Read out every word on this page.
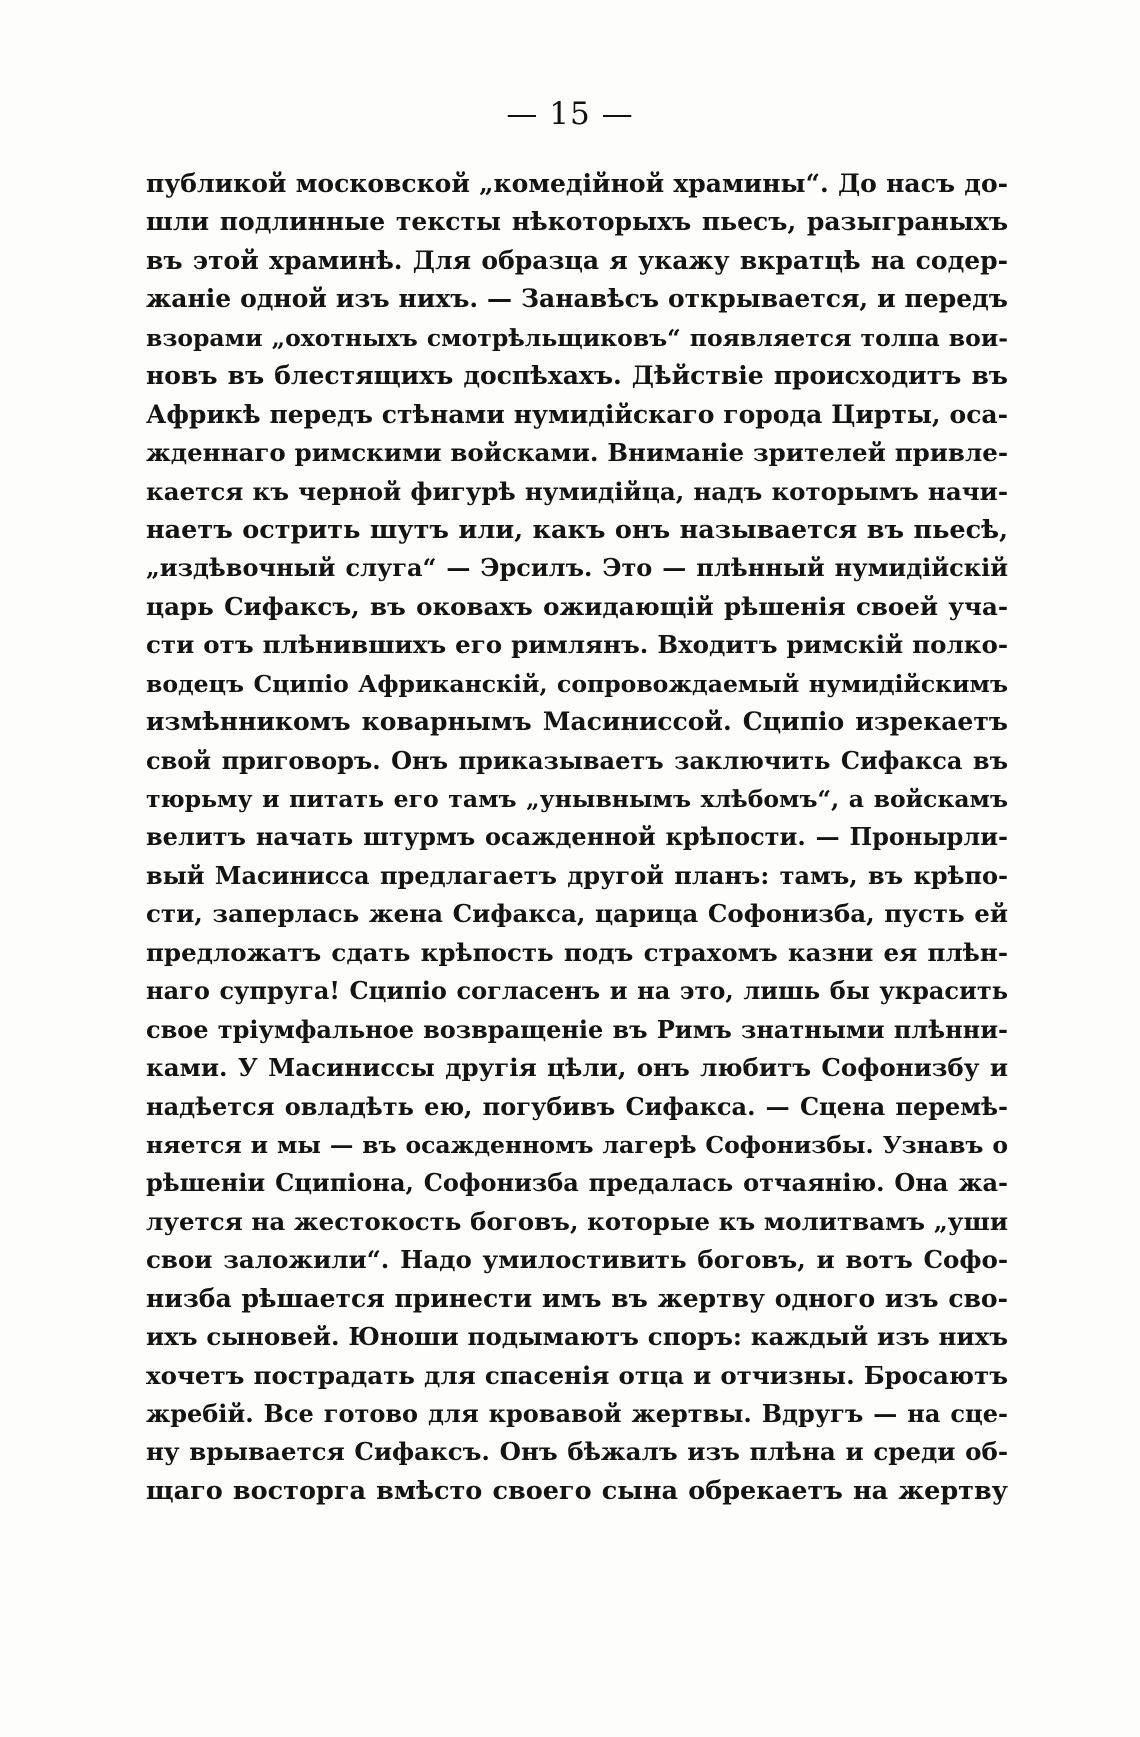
— 15 —
публикой московской „комедiйной храмины“. До насъ до-
шли подлинные тексты нѣкоторыхъ пьесъ, разыграныхъ
въ этой храминѣ. Для образца я укажу вкратцѣ на содер-
жанiе одной изъ нихъ. — Занавѣсъ открывается, и передъ
взорами „охотныхъ смотрѣльщиковъ“ появляется толпа вои-
новъ въ блестящихъ доспѣхахъ. Дѣйствiе происходитъ въ
Африкѣ передъ стѣнами нумидiйскаго города Цирты, оса-
жденнаго римскими войсками. Вниманiе зрителей привле-
кается къ черной фигурѣ нумидiйца, надъ которымъ начи-
наетъ острить шутъ или, какъ онъ называется въ пьесѣ,
„издѣвочный слуга“ — Эрсилъ. Это — плѣнный нумидiйскiй
царь Сифаксъ, въ оковахъ ожидающiй рѣшенiя своей уча-
сти отъ плѣнившихъ его римлянъ. Входитъ римскiй полко-
водецъ Сципiо Африканскiй, сопровождаемый нумидiйскимъ
измѣнникомъ коварнымъ Масиниссой. Сципiо изрекаетъ
свой приговоръ. Онъ приказываетъ заключить Сифакса въ
тюрьму и питать его тамъ „унывнымъ хлѣбомъ“, а войскамъ
велитъ начать штурмъ осажденной крѣпости. — Пронырли-
вый Масинисса предлагаетъ другой планъ: тамъ, въ крѣпо-
сти, заперлась жена Сифакса, царица Софонизба, пусть ей
предложатъ сдать крѣпость подъ страхомъ казни ея плѣн-
наго супруга! Сципiо согласенъ и на это, лишь бы украсить
свое трiумфальное возвращенiе въ Римъ знатными плѣнни-
ками. У Масиниссы другiя цѣли, онъ любитъ Софонизбу и
надѣется овладѣть ею, погубивъ Сифакса. — Сцена перемѣ-
няется и мы — въ осажденномъ лагерѣ Софонизбы. Узнавъ о
рѣшенiи Сципiона, Софонизба предалась отчаянiю. Она жа-
луется на жестокость боговъ, которые къ молитвамъ „уши
свои заложили“. Надо умилостивить боговъ, и вотъ Софо-
низба рѣшается принести имъ въ жертву одного изъ сво-
ихъ сыновей. Юноши подымаютъ споръ: каждый изъ нихъ
хочетъ пострадать для спасенiя отца и отчизны. Бросаютъ
жребiй. Все готово для кровавой жертвы. Вдругъ — на сце-
ну врывается Сифаксъ. Онъ бѣжалъ изъ плѣна и среди об-
щаго восторга вмѣсто своего сына обрекаетъ на жертву
